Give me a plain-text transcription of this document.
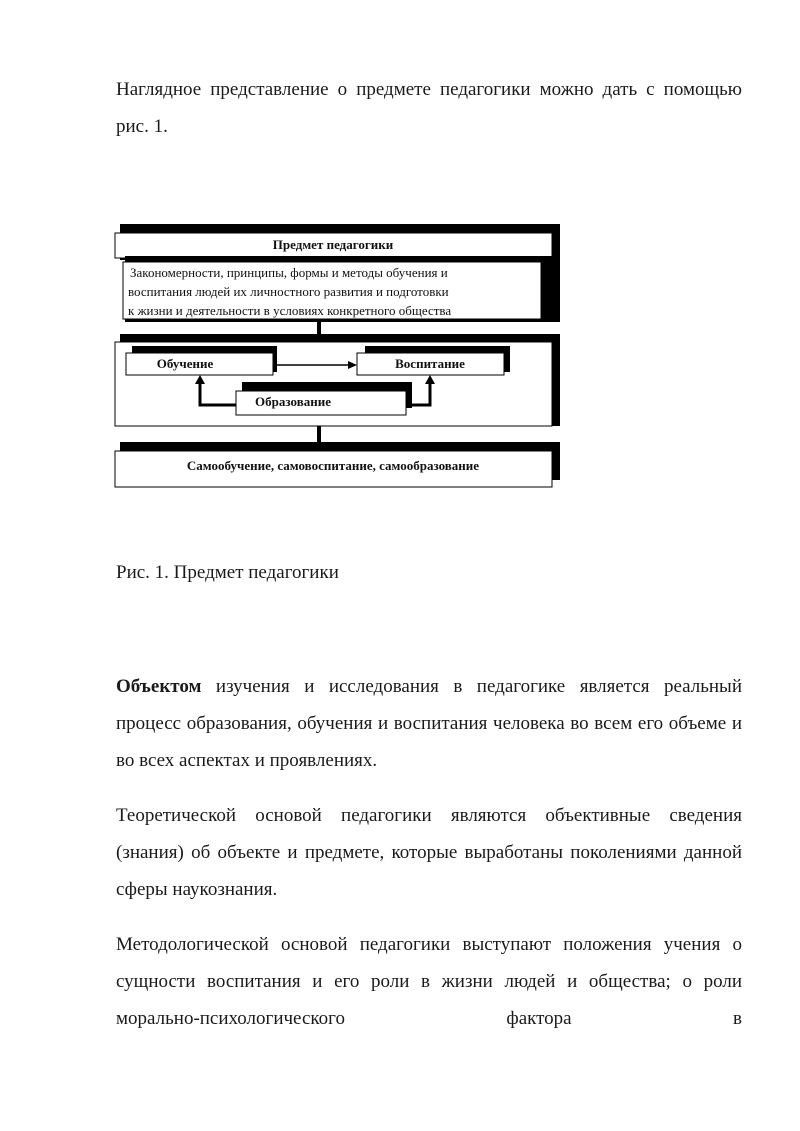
Наглядное представление о предмете педагогики можно дать с помощью рис. 1.

Предмет педагогики
Закономерности, принципы, формы и методы обучения и
воспитания людей их личностного развития и подготовки
к жизни и деятельности в условиях конкретного общества
Обучение	Воспитание
Образование
Самообучение, самовоспитание, самообразование

Рис. 1. Предмет педагогики

Объектом изучения и исследования в педагогике является реальный процесс образования, обучения и воспитания человека во всем его объеме и во всех аспектах и проявлениях.

Теоретической основой педагогики являются объективные сведения (знания) об объекте и предмете, которые выработаны поколениями данной сферы наукознания.

Методологической основой педагогики выступают положения учения о сущности воспитания и его роли в жизни людей и общества; о роли морально-психологического фактора в
